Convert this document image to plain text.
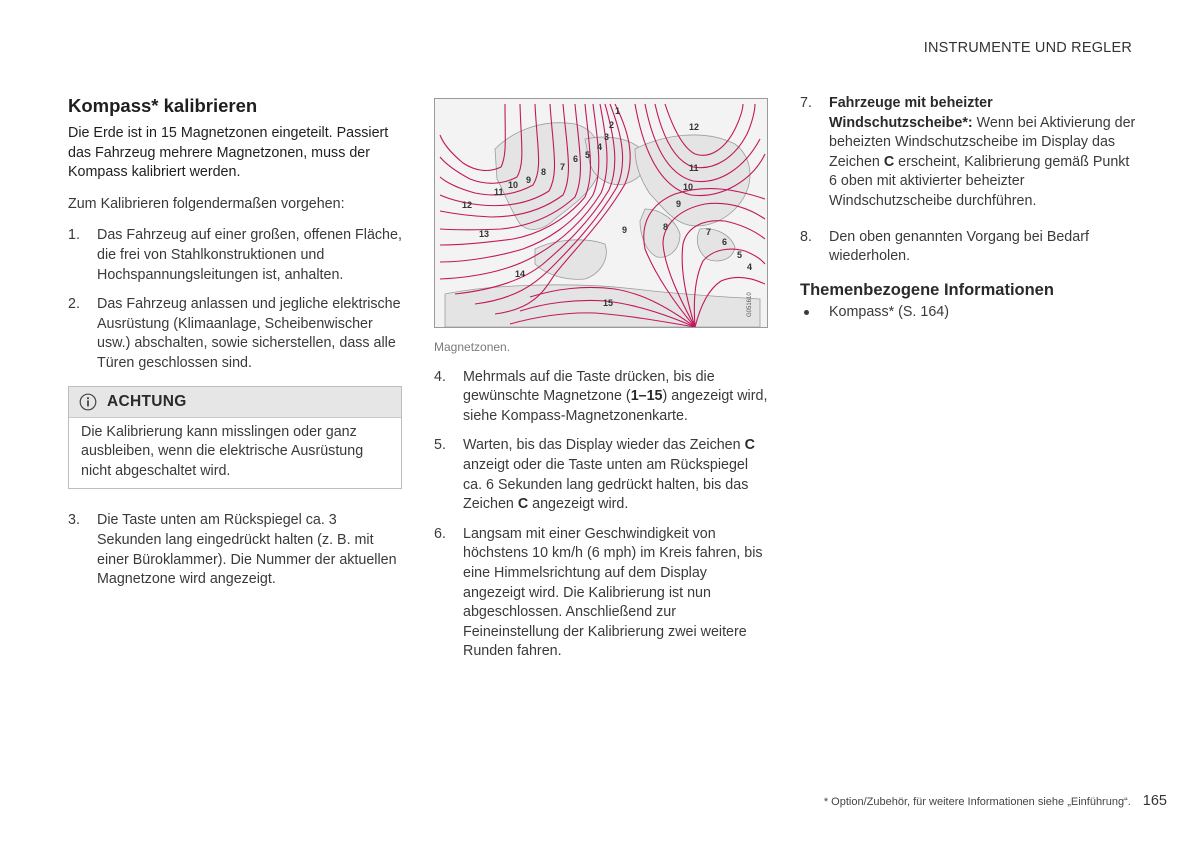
INSTRUMENTE UND REGLER
Kompass* kalibrieren

Die Erde ist in 15 Magnetzonen eingeteilt. Passiert das Fahrzeug mehrere Magnetzonen, muss der Kompass kalibriert werden.

Zum Kalibrieren folgendermaßen vorgehen:

1. Das Fahrzeug auf einer großen, offenen Fläche, die frei von Stahlkonstruktionen und Hochspannungsleitungen ist, anhalten.
2. Das Fahrzeug anlassen und jegliche elektrische Ausrüstung (Klimaanlage, Scheibenwischer usw.) abschalten, sowie sicherstellen, dass alle Türen geschlossen sind.
ACHTUNG
Die Kalibrierung kann misslingen oder ganz ausbleiben, wenn die elektrische Ausrüstung nicht abgeschaltet wird.
3. Die Taste unten am Rückspiegel ca. 3 Sekunden lang eingedrückt halten (z. B. mit einer Büroklammer). Die Nummer der aktuellen Magnetzone wird angezeigt.
1
2
3
4
5
6
7
8
9
10
11
12
13
14
15
4
5
6
7
8
9
9
10
11
12
G051610
Magnetzonen.
4. Mehrmals auf die Taste drücken, bis die gewünschte Magnetzone (1–15) angezeigt wird, siehe Kompass-Magnetzonenkarte.
5. Warten, bis das Display wieder das Zeichen C anzeigt oder die Taste unten am Rückspiegel ca. 6 Sekunden lang gedrückt halten, bis das Zeichen C angezeigt wird.
6. Langsam mit einer Geschwindigkeit von höchstens 10 km/h (6 mph) im Kreis fahren, bis eine Himmelsrichtung auf dem Display angezeigt wird. Die Kalibrierung ist nun abgeschlossen. Anschließend zur Feineinstellung der Kalibrierung zwei weitere Runden fahren.
7. Fahrzeuge mit beheizter Windschutzscheibe*: Wenn bei Aktivierung der beheizten Windschutzscheibe im Display das Zeichen C erscheint, Kalibrierung gemäß Punkt 6 oben mit aktivierter beheizter Windschutzscheibe durchführen.
8. Den oben genannten Vorgang bei Bedarf wiederholen.
Themenbezogene Informationen
Kompass* (S. 164)
* Option/Zubehör, für weitere Informationen siehe „Einführung“. 165
